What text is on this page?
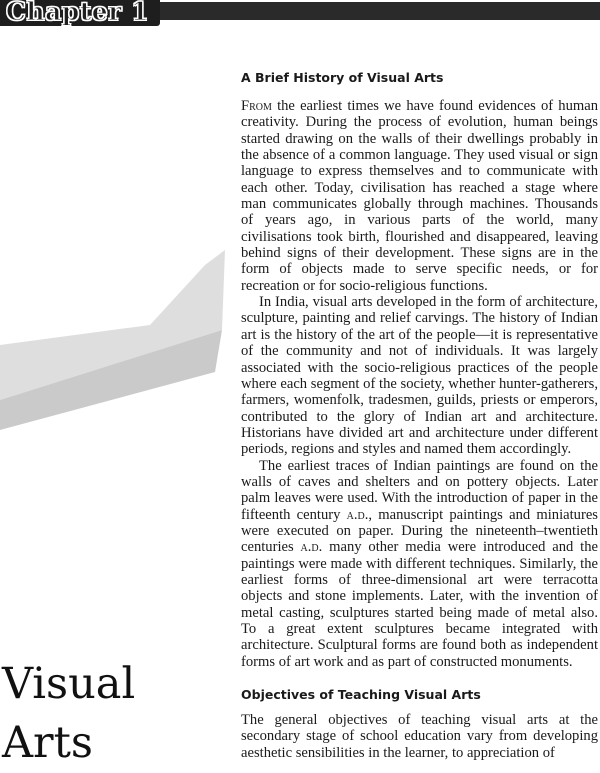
Chapter 1
Visual
Arts
A Brief History of Visual Arts

From the earliest times we have found evidences of human creativity. During the process of evolution, human beings started drawing on the walls of their dwellings probably in the absence of a common language. They used visual or sign language to express themselves and to communicate with each other. Today, civilisation has reached a stage where man communicates globally through machines. Thousands of years ago, in various parts of the world, many civilisations took birth, flourished and disappeared, leaving behind signs of their development. These signs are in the form of objects made to serve specific needs, or for recreation or for socio-religious functions.

In India, visual arts developed in the form of architecture, sculpture, painting and relief carvings. The history of Indian art is the history of the art of the people—it is representative of the community and not of individuals. It was largely associated with the socio-religious practices of the people where each segment of the society, whether hunter-gatherers, farmers, womenfolk, tradesmen, guilds, priests or emperors, contributed to the glory of Indian art and architecture. Historians have divided art and architecture under different periods, regions and styles and named them accordingly.

The earliest traces of Indian paintings are found on the walls of caves and shelters and on pottery objects. Later palm leaves were used. With the introduction of paper in the fifteenth century a.d., manuscript paintings and miniatures were executed on paper. During the nineteenth–twentieth centuries a.d. many other media were introduced and the paintings were made with different techniques. Similarly, the earliest forms of three-dimensional art were terracotta objects and stone implements. Later, with the invention of metal casting, sculptures started being made of metal also. To a great extent sculptures became integrated with architecture. Sculptural forms are found both as independent forms of art work and as part of constructed monuments.

Objectives of Teaching Visual Arts

The general objectives of teaching visual arts at the secondary stage of school education vary from developing aesthetic sensibilities in the learner, to appreciation of
